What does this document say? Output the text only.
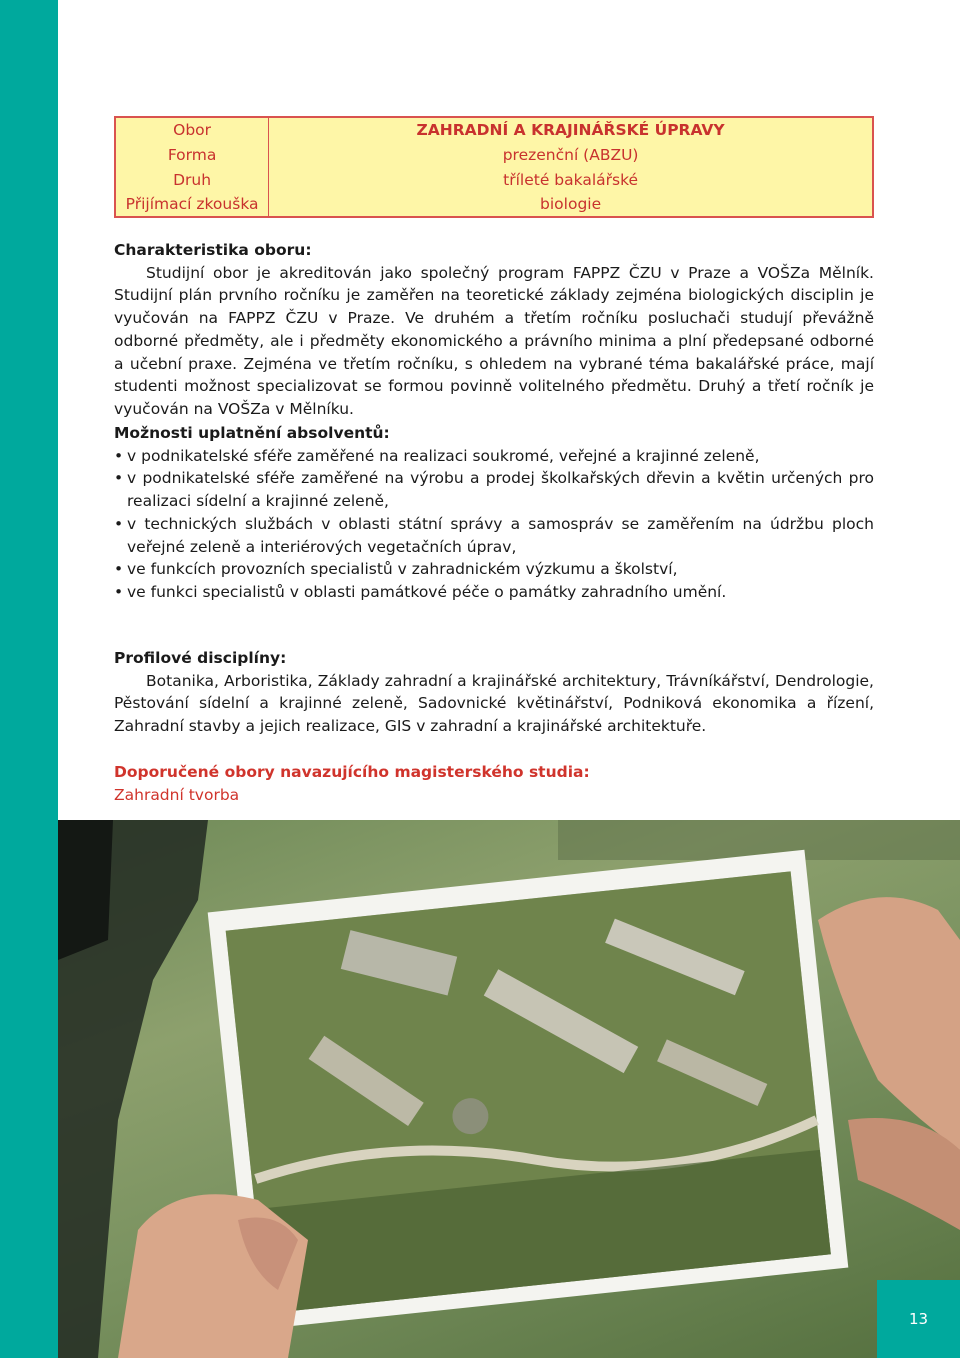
Obor	ZAHRADNÍ A KRAJINÁŘSKÉ ÚPRAVY
Forma	prezenční (ABZU)
Druh	tříleté bakalářské
Přijímací zkouška	biologie
Charakteristika oboru:

Studijní obor je akreditován jako společný program FAPPZ ČZU v Praze a VOŠZa Mělník. Studijní plán prvního ročníku je zaměřen na teoretické základy zejména biologických disciplin je vyučován na FAPPZ ČZU v Praze. Ve druhém a třetím ročníku posluchači studují převážně odborné předměty, ale i předměty ekonomického a právního minima a plní předepsané odborné a učební praxe. Zejména ve třetím ročníku, s ohledem na vybrané téma bakalářské práce, mají studenti možnost specializovat se formou povinně volitelného předmětu. Druhý a třetí ročník je vyučován na VOŠZa v Mělníku.

Možnosti uplatnění absolventů:
• v podnikatelské sféře zaměřené na realizaci soukromé, veřejné a krajinné zeleně,
• v podnikatelské sféře zaměřené na výrobu a prodej školkařských dřevin a květin určených pro realizaci sídelní a krajinné zeleně,
• v technických službách v oblasti státní správy a samospráv se zaměřením na údržbu ploch veřejné zeleně a interiérových vegetačních úprav,
• ve funkcích provozních specialistů v zahradnickém výzkumu a školství,
• ve funkci specialistů v oblasti památkové péče o památky zahradního umění.
Profilové disciplíny:

Botanika, Arboristika, Základy zahradní a krajinářské architektury, Trávníkářství, Dendrologie, Pěstování sídelní a krajinné zeleně, Sadovnické květinářství, Podniková ekonomika a řízení, Zahradní stavby a jejich realizace, GIS v zahradní a krajinářské architektuře.

Doporučené obory navazujícího magisterského studia:
Zahradní tvorba
13
